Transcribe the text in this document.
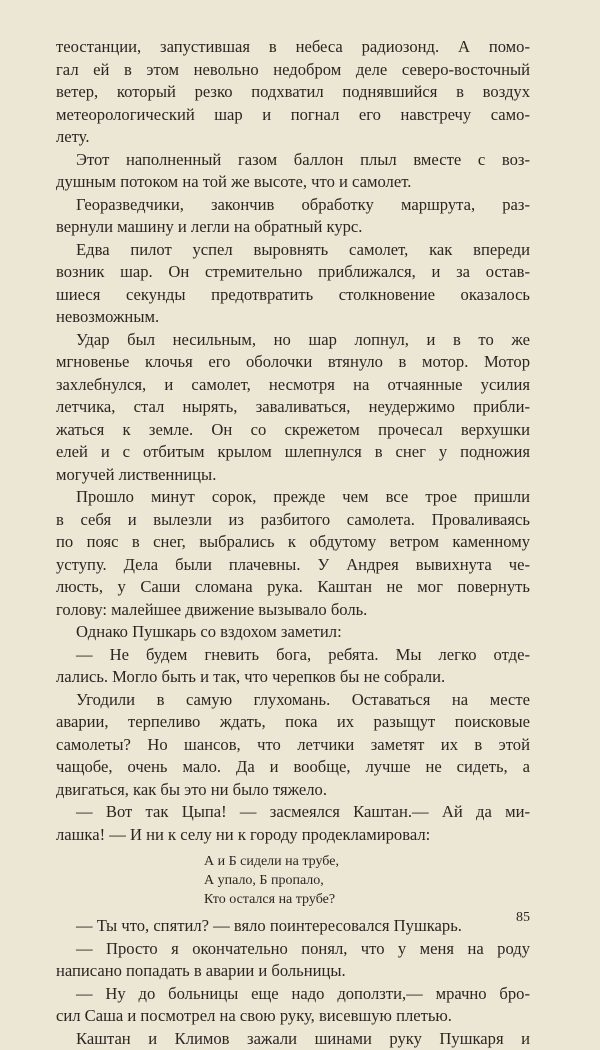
теостанции, запустившая в небеса радиозонд. А помо-
гал ей в этом невольно недобром деле северо-восточный
ветер, который резко подхватил поднявшийся в воздух
метеорологический шар и погнал его навстречу само-
лету.
Этот наполненный газом баллон плыл вместе с воз-
душным потоком на той же высоте, что и самолет.
Георазведчики, закончив обработку маршрута, раз-
вернули машину и легли на обратный курс.
Едва пилот успел выровнять самолет, как впереди
возник шар. Он стремительно приближался, и за остав-
шиеся секунды предотвратить столкновение оказалось
невозможным.
Удар был несильным, но шар лопнул, и в то же
мгновенье клочья его оболочки втянуло в мотор. Мотор
захлебнулся, и самолет, несмотря на отчаянные усилия
летчика, стал нырять, заваливаться, неудержимо прибли-
жаться к земле. Он со скрежетом прочесал верхушки
елей и с отбитым крылом шлепнулся в снег у подножия
могучей лиственницы.
Прошло минут сорок, прежде чем все трое пришли
в себя и вылезли из разбитого самолета. Проваливаясь
по пояс в снег, выбрались к обдутому ветром каменному
уступу. Дела были плачевны. У Андрея вывихнута че-
люсть, у Саши сломана рука. Каштан не мог повернуть
голову: малейшее движение вызывало боль.
Однако Пушкарь со вздохом заметил:
— Не будем гневить бога, ребята. Мы легко отде-
лались. Могло быть и так, что черепков бы не собрали.
Угодили в самую глухомань. Оставаться на месте
аварии, терпеливо ждать, пока их разыщут поисковые
самолеты? Но шансов, что летчики заметят их в этой
чащобе, очень мало. Да и вообще, лучше не сидеть, а
двигаться, как бы это ни было тяжело.
— Вот так Цыпа! — засмеялся Каштан.— Ай да ми-
лашка! — И ни к селу ни к городу продекламировал:
А и Б сидели на трубе,
А упало, Б пропало,
Кто остался на трубе?
— Ты что, спятил? — вяло поинтересовался Пушкарь.
— Просто я окончательно понял, что у меня на роду
написано попадать в аварии и больницы.
— Ну до больницы еще надо доползти,— мрачно бро-
сил Саша и посмотрел на свою руку, висевшую плетью.
Каштан и Климов зажали шинами руку Пушкаря и
85
